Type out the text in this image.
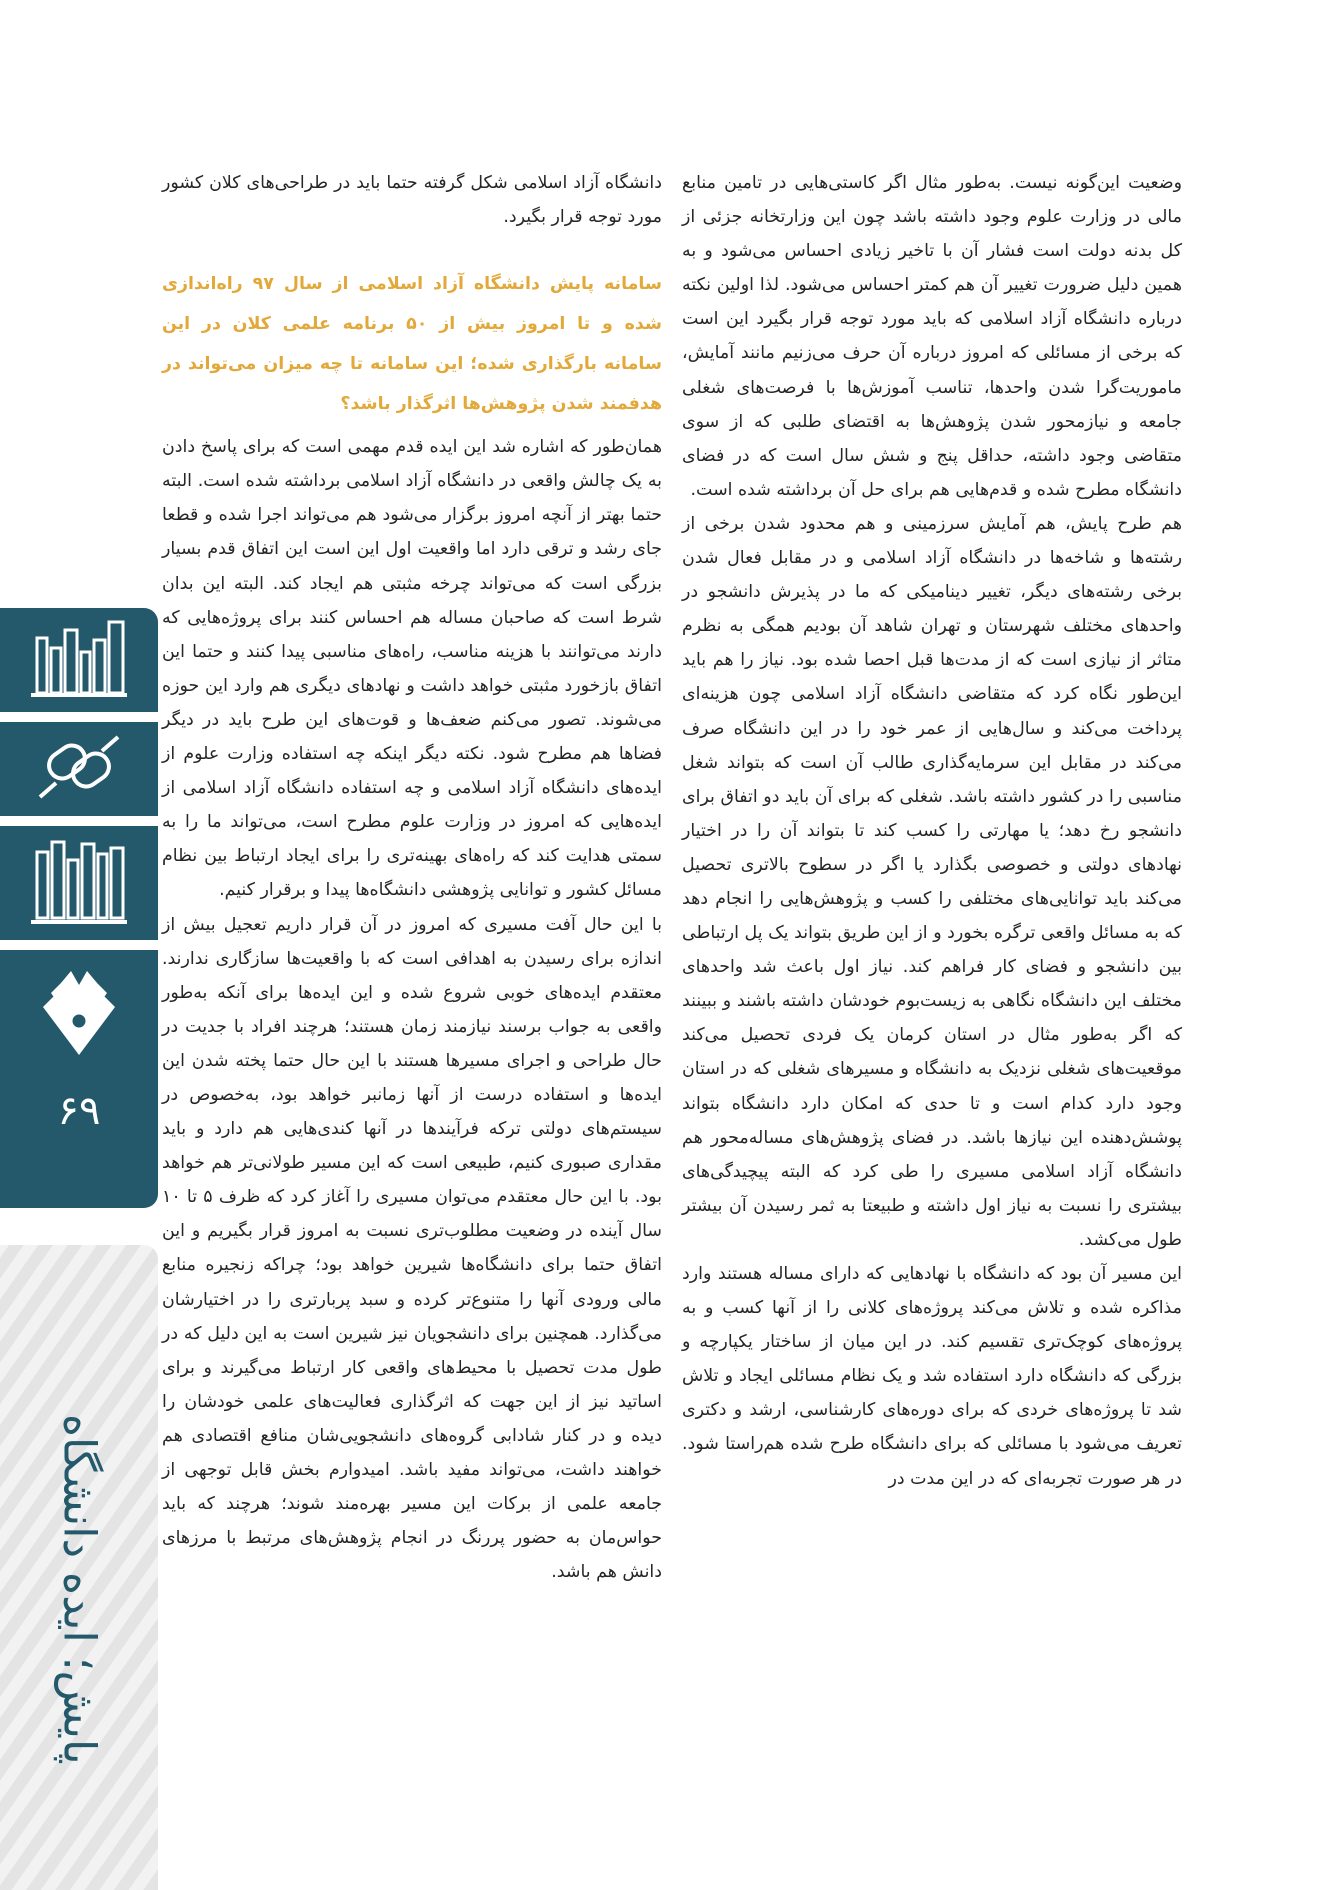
وضعیت این‌گونه نیست. به‌طور مثال اگر کاستی‌هایی در تامین منابع مالی در وزارت علوم وجود داشته باشد چون این وزارتخانه جزئی از کل بدنه دولت است فشار آن با تاخیر زیادی احساس می‌شود و به همین دلیل ضرورت تغییر آن هم کمتر احساس می‌شود. لذا اولین نکته درباره دانشگاه آزاد اسلامی که باید مورد توجه قرار بگیرد این است که برخی از مسائلی که امروز درباره آن حرف می‌زنیم مانند آمایش، ماموریت‌گرا شدن واحدها، تناسب آموزش‌ها با فرصت‌های شغلی جامعه و نیازمحور شدن پژوهش‌ها به اقتضای طلبی که از سوی متقاضی وجود داشته، حداقل پنج و شش سال است که در فضای دانشگاه مطرح شده و قدم‌هایی هم برای حل آن برداشته شده است.

هم طرح پایش، هم آمایش سرزمینی و هم محدود شدن برخی از رشته‌ها و شاخه‌ها در دانشگاه آزاد اسلامی و در مقابل فعال شدن برخی رشته‌های دیگر، تغییر دینامیکی که ما در پذیرش دانشجو در واحدهای مختلف شهرستان و تهران شاهد آن بودیم همگی به نظرم متاثر از نیازی است که از مدت‌ها قبل احصا شده بود. نیاز را هم باید این‌طور نگاه کرد که متقاضی دانشگاه آزاد اسلامی چون هزینه‌ای پرداخت می‌کند و سال‌هایی از عمر خود را در این دانشگاه صرف می‌کند در مقابل این سرمایه‌گذاری طالب آن است که بتواند شغل مناسبی را در کشور داشته باشد. شغلی که برای آن باید دو اتفاق برای دانشجو رخ دهد؛ یا مهارتی را کسب کند تا بتواند آن را در اختیار نهادهای دولتی و خصوصی بگذارد یا اگر در سطوح بالاتری تحصیل می‌کند باید توانایی‌های مختلفی را کسب و پژوهش‌هایی را انجام دهد که به مسائل واقعی ترگره بخورد و از این طریق بتواند یک پل ارتباطی بین دانشجو و فضای کار فراهم کند. نیاز اول باعث شد واحدهای مختلف این دانشگاه نگاهی به زیست‌بوم خودشان داشته باشند و ببینند که اگر به‌طور مثال در استان کرمان یک فردی تحصیل می‌کند موقعیت‌های شغلی نزدیک به دانشگاه و مسیرهای شغلی که در استان وجود دارد کدام است و تا حدی که امکان دارد دانشگاه بتواند پوشش‌دهنده این نیازها باشد. در فضای پژوهش‌های مساله‌محور هم دانشگاه آزاد اسلامی مسیری را طی کرد که البته پیچیدگی‌های بیشتری را نسبت به نیاز اول داشته و طبیعتا به ثمر رسیدن آن بیشتر طول می‌کشد.

این مسیر آن بود که دانشگاه با نهادهایی که دارای مساله هستند وارد مذاکره شده و تلاش می‌کند پروژه‌های کلانی را از آنها کسب و به پروژه‌های کوچک‌تری تقسیم کند. در این میان از ساختار یکپارچه و بزرگی که دانشگاه دارد استفاده شد و یک نظام مسائلی ایجاد و تلاش شد تا پروژه‌های خردی که برای دوره‌های کارشناسی، ارشد و دکتری تعریف می‌شود با مسائلی که برای دانشگاه طرح شده هم‌راستا شود. در هر صورت تجربه‌ای که در این مدت در

دانشگاه آزاد اسلامی شکل گرفته حتما باید در طراحی‌های کلان کشور مورد توجه قرار بگیرد.

سامانه پایش دانشگاه آزاد اسلامی از سال ۹۷ راه‌اندازی شده و تا امروز بیش از ۵۰ برنامه علمی کلان در این سامانه بارگذاری شده؛ این سامانه تا چه میزان می‌تواند در هدفمند شدن پژوهش‌ها اثرگذار باشد؟

همان‌طور که اشاره شد این ایده قدم مهمی است که برای پاسخ دادن به یک چالش واقعی در دانشگاه آزاد اسلامی برداشته شده است. البته حتما بهتر از آنچه امروز برگزار می‌شود هم می‌تواند اجرا شده و قطعا جای رشد و ترقی دارد اما واقعیت اول این است این اتفاق قدم بسیار بزرگی است که می‌تواند چرخه مثبتی هم ایجاد کند. البته این بدان شرط است که صاحبان مساله هم احساس کنند برای پروژه‌هایی که دارند می‌توانند با هزینه مناسب، راه‌های مناسبی پیدا کنند و حتما این اتفاق بازخورد مثبتی خواهد داشت و نهادهای دیگری هم وارد این حوزه می‌شوند. تصور می‌کنم ضعف‌ها و قوت‌های این طرح باید در دیگر فضاها هم مطرح شود. نکته دیگر اینکه چه استفاده وزارت علوم از ایده‌های دانشگاه آزاد اسلامی و چه استفاده دانشگاه آزاد اسلامی از ایده‌هایی که امروز در وزارت علوم مطرح است، می‌تواند ما را به سمتی هدایت کند که راه‌های بهینه‌تری را برای ایجاد ارتباط بین نظام مسائل کشور و توانایی پژوهشی دانشگاه‌ها پیدا و برقرار کنیم.

با این حال آفت مسیری که امروز در آن قرار داریم تعجیل بیش از اندازه برای رسیدن به اهدافی است که با واقعیت‌ها سازگاری ندارند. معتقدم ایده‌های خوبی شروع شده و این ایده‌ها برای آنکه به‌طور واقعی به جواب برسند نیازمند زمان هستند؛ هرچند افراد با جدیت در حال طراحی و اجرای مسیرها هستند با این حال حتما پخته شدن این ایده‌ها و استفاده درست از آنها زمانبر خواهد بود، به‌خصوص در سیستم‌های دولتی ترکه فرآیندها در آنها کندی‌هایی هم دارد و باید مقداری صبوری کنیم، طبیعی است که این مسیر طولانی‌تر هم خواهد بود. با این حال معتقدم می‌توان مسیری را آغاز کرد که ظرف ۵ تا ۱۰ سال آینده در وضعیت مطلوب‌تری نسبت به امروز قرار بگیریم و این اتفاق حتما برای دانشگاه‌ها شیرین خواهد بود؛ چراکه زنجیره منابع مالی ورودی آنها را متنوع‌تر کرده و سبد پربارتری را در اختیارشان می‌گذارد. همچنین برای دانشجویان نیز شیرین است به این دلیل که در طول مدت تحصیل با محیط‌های واقعی کار ارتباط می‌گیرند و برای اساتید نیز از این جهت که اثرگذاری فعالیت‌های علمی خودشان را دیده و در کنار شادابی گروه‌های دانشجویی‌شان منافع اقتصادی هم خواهند داشت، می‌تواند مفید باشد. امیدوارم بخش قابل توجهی از جامعه علمی از برکات این مسیر بهره‌مند شوند؛ هرچند که باید حواس‌مان به حضور پررنگ در انجام پژوهش‌های مرتبط با مرزهای دانش هم باشد.

۶۹
پایش؛ ایده دانشگاه
